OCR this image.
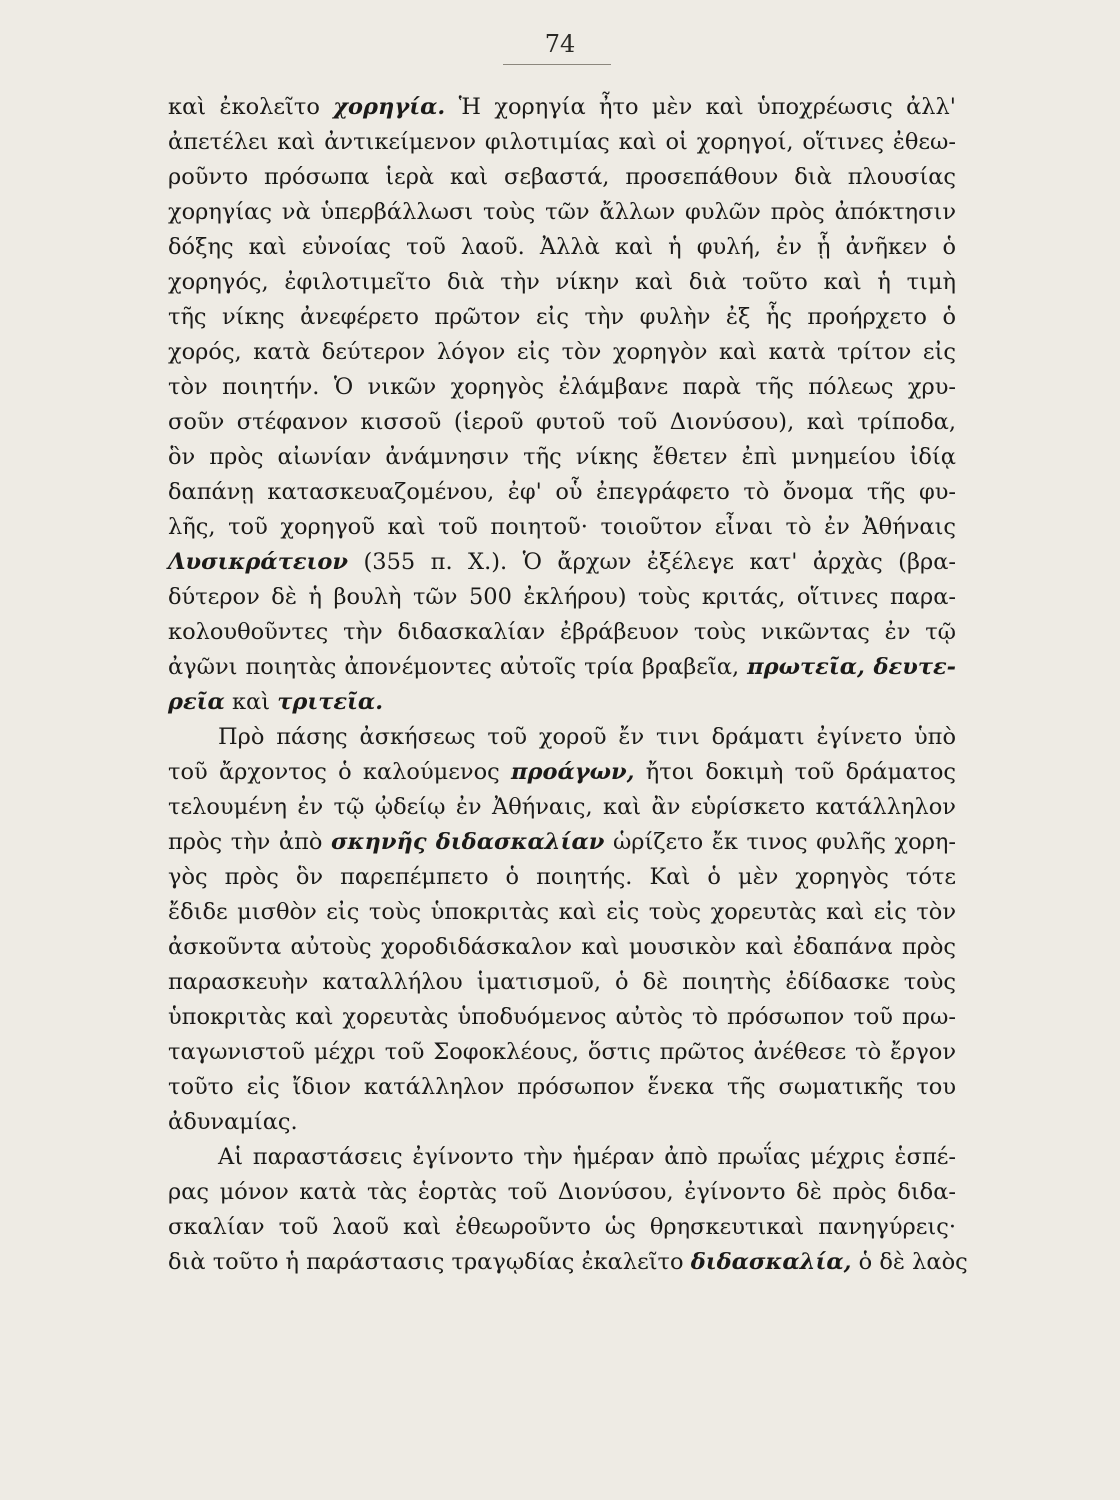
74
καὶ ἐκολεῖτο χορηγία. Ἡ χορηγία ἦτο μὲν καὶ ὑποχρέωσις ἀλλ'
ἀπετέλει καὶ ἀντικείμενον φιλοτιμίας καὶ οἱ χορηγοί, οἵτινες ἐθεω-
ροῦντο πρόσωπα ἱερὰ καὶ σεβαστά, προσεπάθουν διὰ πλουσίας
χορηγίας νὰ ὑπερβάλλωσι τοὺς τῶν ἄλλων φυλῶν πρὸς ἀπόκτησιν
δόξης καὶ εὐνοίας τοῦ λαοῦ. Ἀλλὰ καὶ ἡ φυλή, ἐν ᾗ ἀνῆκεν ὁ
χορηγός, ἐφιλοτιμεῖτο διὰ τὴν νίκην καὶ διὰ τοῦτο καὶ ἡ τιμὴ
τῆς νίκης ἀνεφέρετο πρῶτον εἰς τὴν φυλὴν ἐξ ἧς προήρχετο ὁ
χορός, κατὰ δεύτερον λόγον εἰς τὸν χορηγὸν καὶ κατὰ τρίτον εἰς
τὸν ποιητήν. Ὁ νικῶν χορηγὸς ἐλάμβανε παρὰ τῆς πόλεως χρυ-
σοῦν στέφανον κισσοῦ (ἱεροῦ φυτοῦ τοῦ Διονύσου), καὶ τρίποδα,
ὃν πρὸς αἰωνίαν ἀνάμνησιν τῆς νίκης ἔθετεν ἐπὶ μνημείου ἰδίᾳ
δαπάνῃ κατασκευαζομένου, ἐφ' οὗ ἐπεγράφετο τὸ ὄνομα τῆς φυ-
λῆς, τοῦ χορηγοῦ καὶ τοῦ ποιητοῦ· τοιοῦτον εἶναι τὸ ἐν Ἀθήναις
Λυσικράτειον (355 π. Χ.). Ὁ ἄρχων ἐξέλεγε κατ' ἀρχὰς (βρα-
δύτερον δὲ ἡ βουλὴ τῶν 500 ἐκλήρου) τοὺς κριτάς, οἵτινες παρα-
κολουθοῦντες τὴν διδασκαλίαν ἐβράβευον τοὺς νικῶντας ἐν τῷ
ἀγῶνι ποιητὰς ἀπονέμοντες αὐτοῖς τρία βραβεῖα, πρωτεῖα, δευτε-
ρεῖα καὶ τριτεῖα.
Πρὸ πάσης ἀσκήσεως τοῦ χοροῦ ἔν τινι δράματι ἐγίνετο ὑπὸ
τοῦ ἄρχοντος ὁ καλούμενος προάγων, ἤτοι δοκιμὴ τοῦ δράματος
τελουμένη ἐν τῷ ᾠδείῳ ἐν Ἀθήναις, καὶ ἂν εὑρίσκετο κατάλληλον
πρὸς τὴν ἀπὸ σκηνῆς διδασκαλίαν ὡρίζετο ἔκ τινος φυλῆς χορη-
γὸς πρὸς ὃν παρεπέμπετο ὁ ποιητής. Καὶ ὁ μὲν χορηγὸς τότε
ἔδιδε μισθὸν εἰς τοὺς ὑποκριτὰς καὶ εἰς τοὺς χορευτὰς καὶ εἰς τὸν
ἀσκοῦντα αὐτοὺς χοροδιδάσκαλον καὶ μουσικὸν καὶ ἐδαπάνα πρὸς
παρασκευὴν καταλλήλου ἱματισμοῦ, ὁ δὲ ποιητὴς ἐδίδασκε τοὺς
ὑποκριτὰς καὶ χορευτὰς ὑποδυόμενος αὐτὸς τὸ πρόσωπον τοῦ πρω-
ταγωνιστοῦ μέχρι τοῦ Σοφοκλέους, ὅστις πρῶτος ἀνέθεσε τὸ ἔργον
τοῦτο εἰς ἴδιον κατάλληλον πρόσωπον ἕνεκα τῆς σωματικῆς του
ἀδυναμίας.
Αἱ παραστάσεις ἐγίνοντο τὴν ἡμέραν ἀπὸ πρωΐας μέχρις ἑσπέ-
ρας μόνον κατὰ τὰς ἑορτὰς τοῦ Διονύσου, ἐγίνοντο δὲ πρὸς διδα-
σκαλίαν τοῦ λαοῦ καὶ ἐθεωροῦντο ὡς θρησκευτικαὶ πανηγύρεις·
διὰ τοῦτο ἡ παράστασις τραγῳδίας ἐκαλεῖτο διδασκαλία, ὁ δὲ λαὸς
